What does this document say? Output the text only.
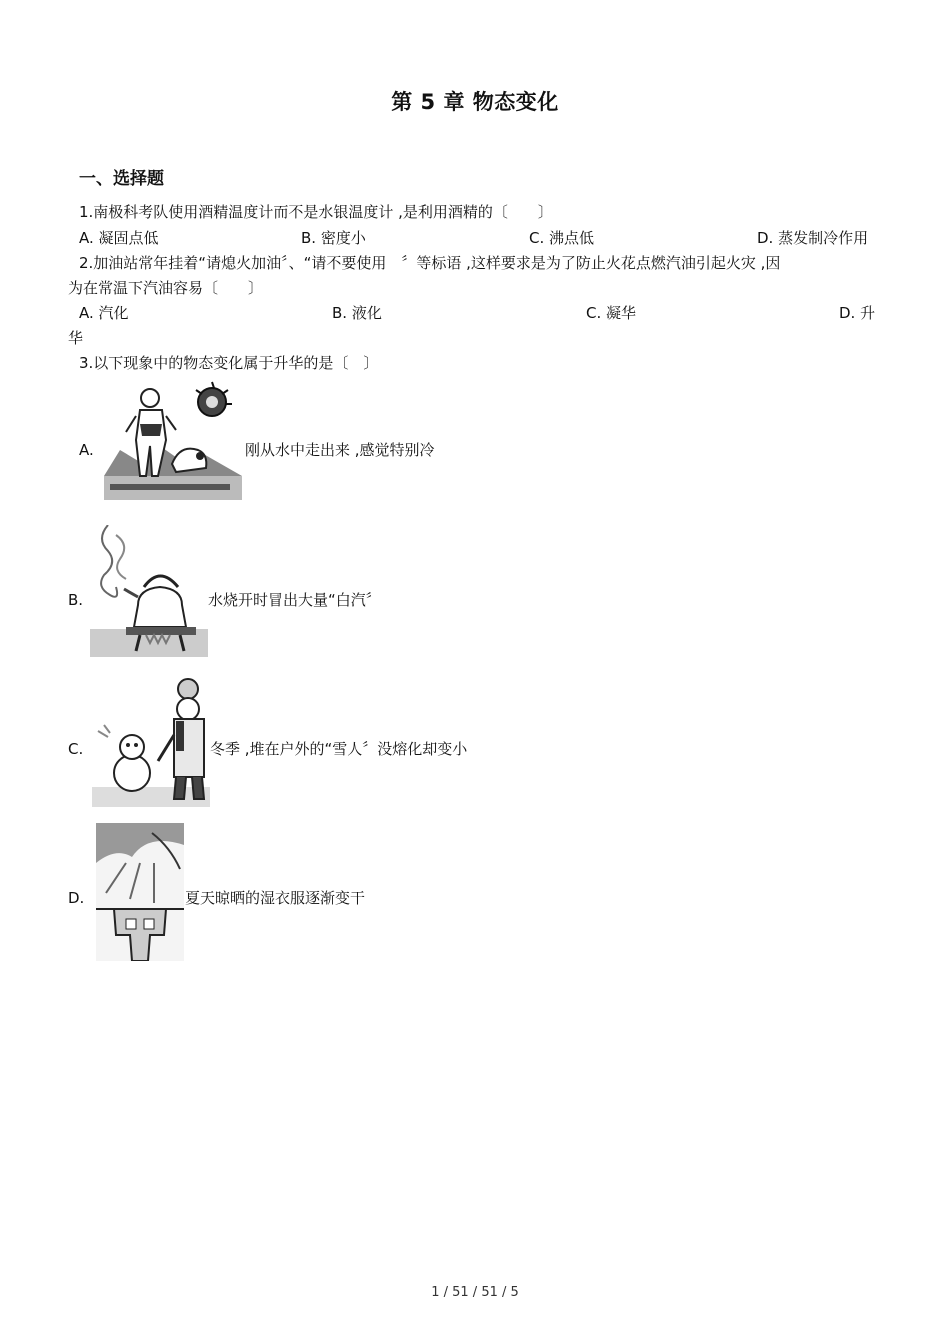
第 5 章 物态变化
一、选择题
1.南极科考队使用酒精温度计而不是水银温度计 ,是利用酒精的〔　　〕
A. 凝固点低	B. 密度小	C. 沸点低	D. 蒸发制冷作用
2.加油站常年挂着“请熄火加油〞、“请不要使用　〞等标语 ,这样要求是为了防止火花点燃汽油引起火灾 ,因
为在常温下汽油容易〔　　〕
A. 汽化	B. 液化	C. 凝华	D. 升
华
3.以下现象中的物态变化属于升华的是〔　〕
A.	刚从水中走出来 ,感觉特别冷
B.	水烧开时冒出大量“白汽〞
C.	冬季 ,堆在户外的“雪人〞没熔化却变小
D.	夏天晾晒的湿衣服逐渐变干
1 / 51 / 51 / 5
